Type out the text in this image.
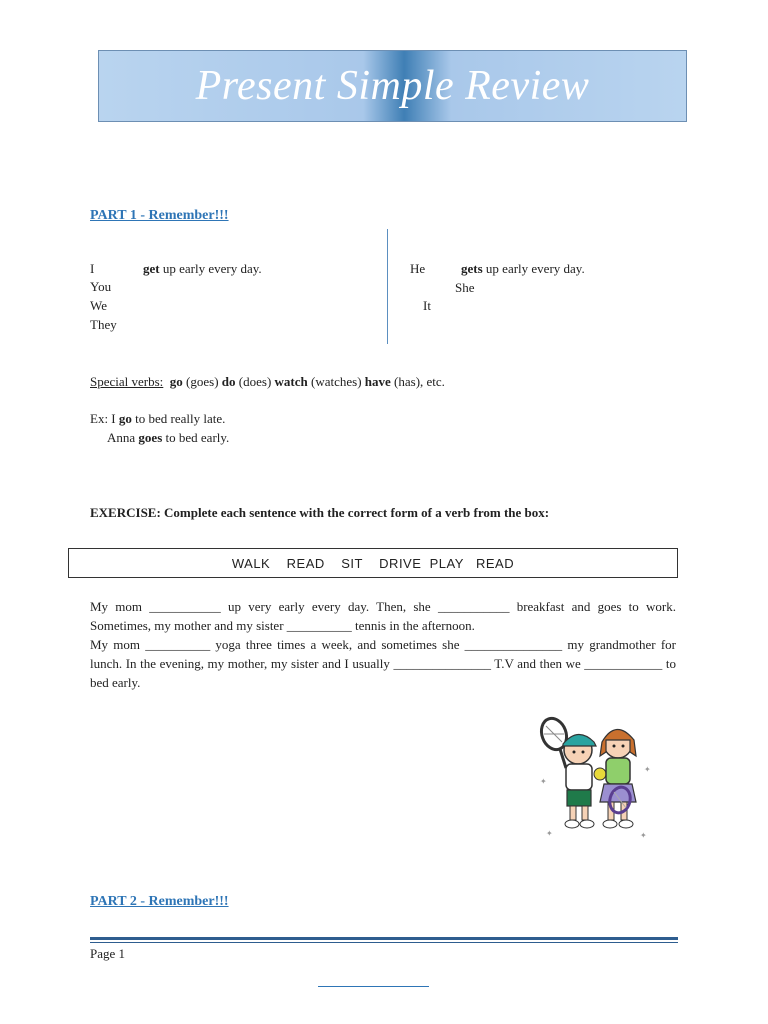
Present Simple Review
PART 1 - Remember!!!
I	get up early every day.
You
We
They
He	gets up early every day.
She
It
Special verbs: go (goes) do (does) watch (watches) have (has), etc.
Ex: I go to bed really late.
Anna goes to bed early.
EXERCISE: Complete each sentence with the correct form of a verb from the box:
WALK    READ    SIT    DRIVE  PLAY   READ
My mom ___________ up very early every day. Then, she ___________ breakfast and goes to work. Sometimes, my mother and my sister __________ tennis in the afternoon.
My mom __________ yoga three times a week, and sometimes she _______________ my grandmother for lunch. In the evening, my mother, my sister and I usually _______________ T.V and then we ____________ to bed early.
✦
✦
✦	✦
PART 2 - Remember!!!
Page 1
